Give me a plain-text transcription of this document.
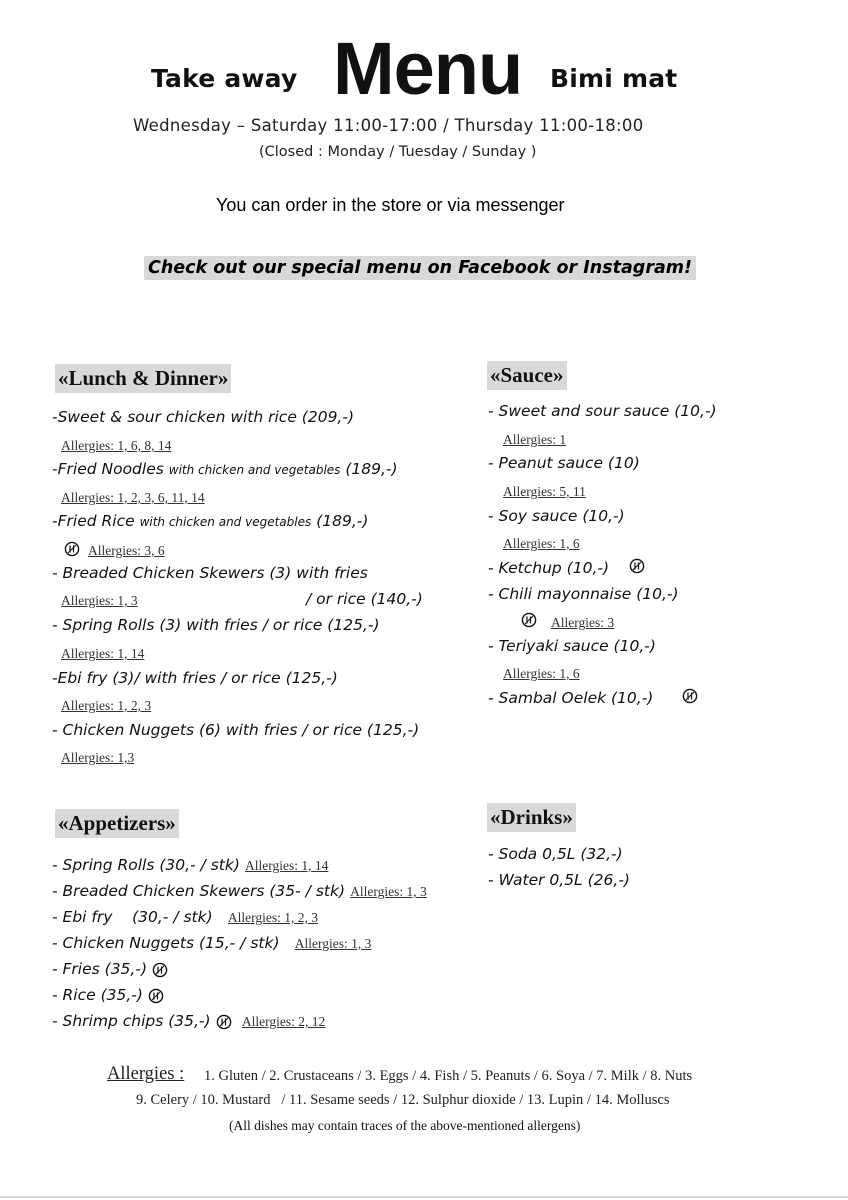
Take away Menu Bimi mat
Wednesday – Saturday 11:00-17:00 / Thursday 11:00-18:00
(Closed : Monday / Tuesday / Sunday )
You can order in the store or via messenger
Check out our special menu on Facebook or Instagram!
«Lunch & Dinner»
-Sweet & sour chicken with rice (209,-)
Allergies: 1, 6, 8, 14
-Fried Noodles with chicken and vegetables (189,-)
Allergies: 1, 2, 3, 6, 11, 14
-Fried Rice with chicken and vegetables (189,-)
Allergies: 3, 6
- Breaded Chicken Skewers (3) with fries
Allergies: 1, 3	/ or rice (140,-)
- Spring Rolls (3) with fries / or rice (125,-)
Allergies: 1, 14
-Ebi fry (3)/ with fries / or rice (125,-)
Allergies: 1, 2, 3
- Chicken Nuggets (6) with fries / or rice (125,-)
Allergies: 1,3
«Sauce»
- Sweet and sour sauce (10,-)
Allergies: 1
- Peanut sauce (10)
Allergies: 5, 11
- Soy sauce (10,-)
Allergies: 1, 6
- Ketchup (10,-)
- Chili mayonnaise (10,-)
Allergies: 3
- Teriyaki sauce (10,-)
Allergies: 1, 6
- Sambal Oelek (10,-)
«Appetizers»
- Spring Rolls (30,- / stk) Allergies: 1, 14
- Breaded Chicken Skewers (35- / stk) Allergies: 1, 3
- Ebi fry    (30,- / stk) Allergies: 1, 2, 3
- Chicken Nuggets (15,- / stk) Allergies: 1, 3
- Fries (35,-)
- Rice (35,-)
- Shrimp chips (35,-) Allergies: 2, 12
«Drinks»
- Soda 0,5L (32,-)
- Water 0,5L (26,-)
Allergies : 1. Gluten / 2. Crustaceans / 3. Eggs / 4. Fish / 5. Peanuts / 6. Soya / 7. Milk / 8. Nuts
9. Celery / 10. Mustard   / 11. Sesame seeds / 12. Sulphur dioxide / 13. Lupin / 14. Molluscs
(All dishes may contain traces of the above-mentioned allergens)
